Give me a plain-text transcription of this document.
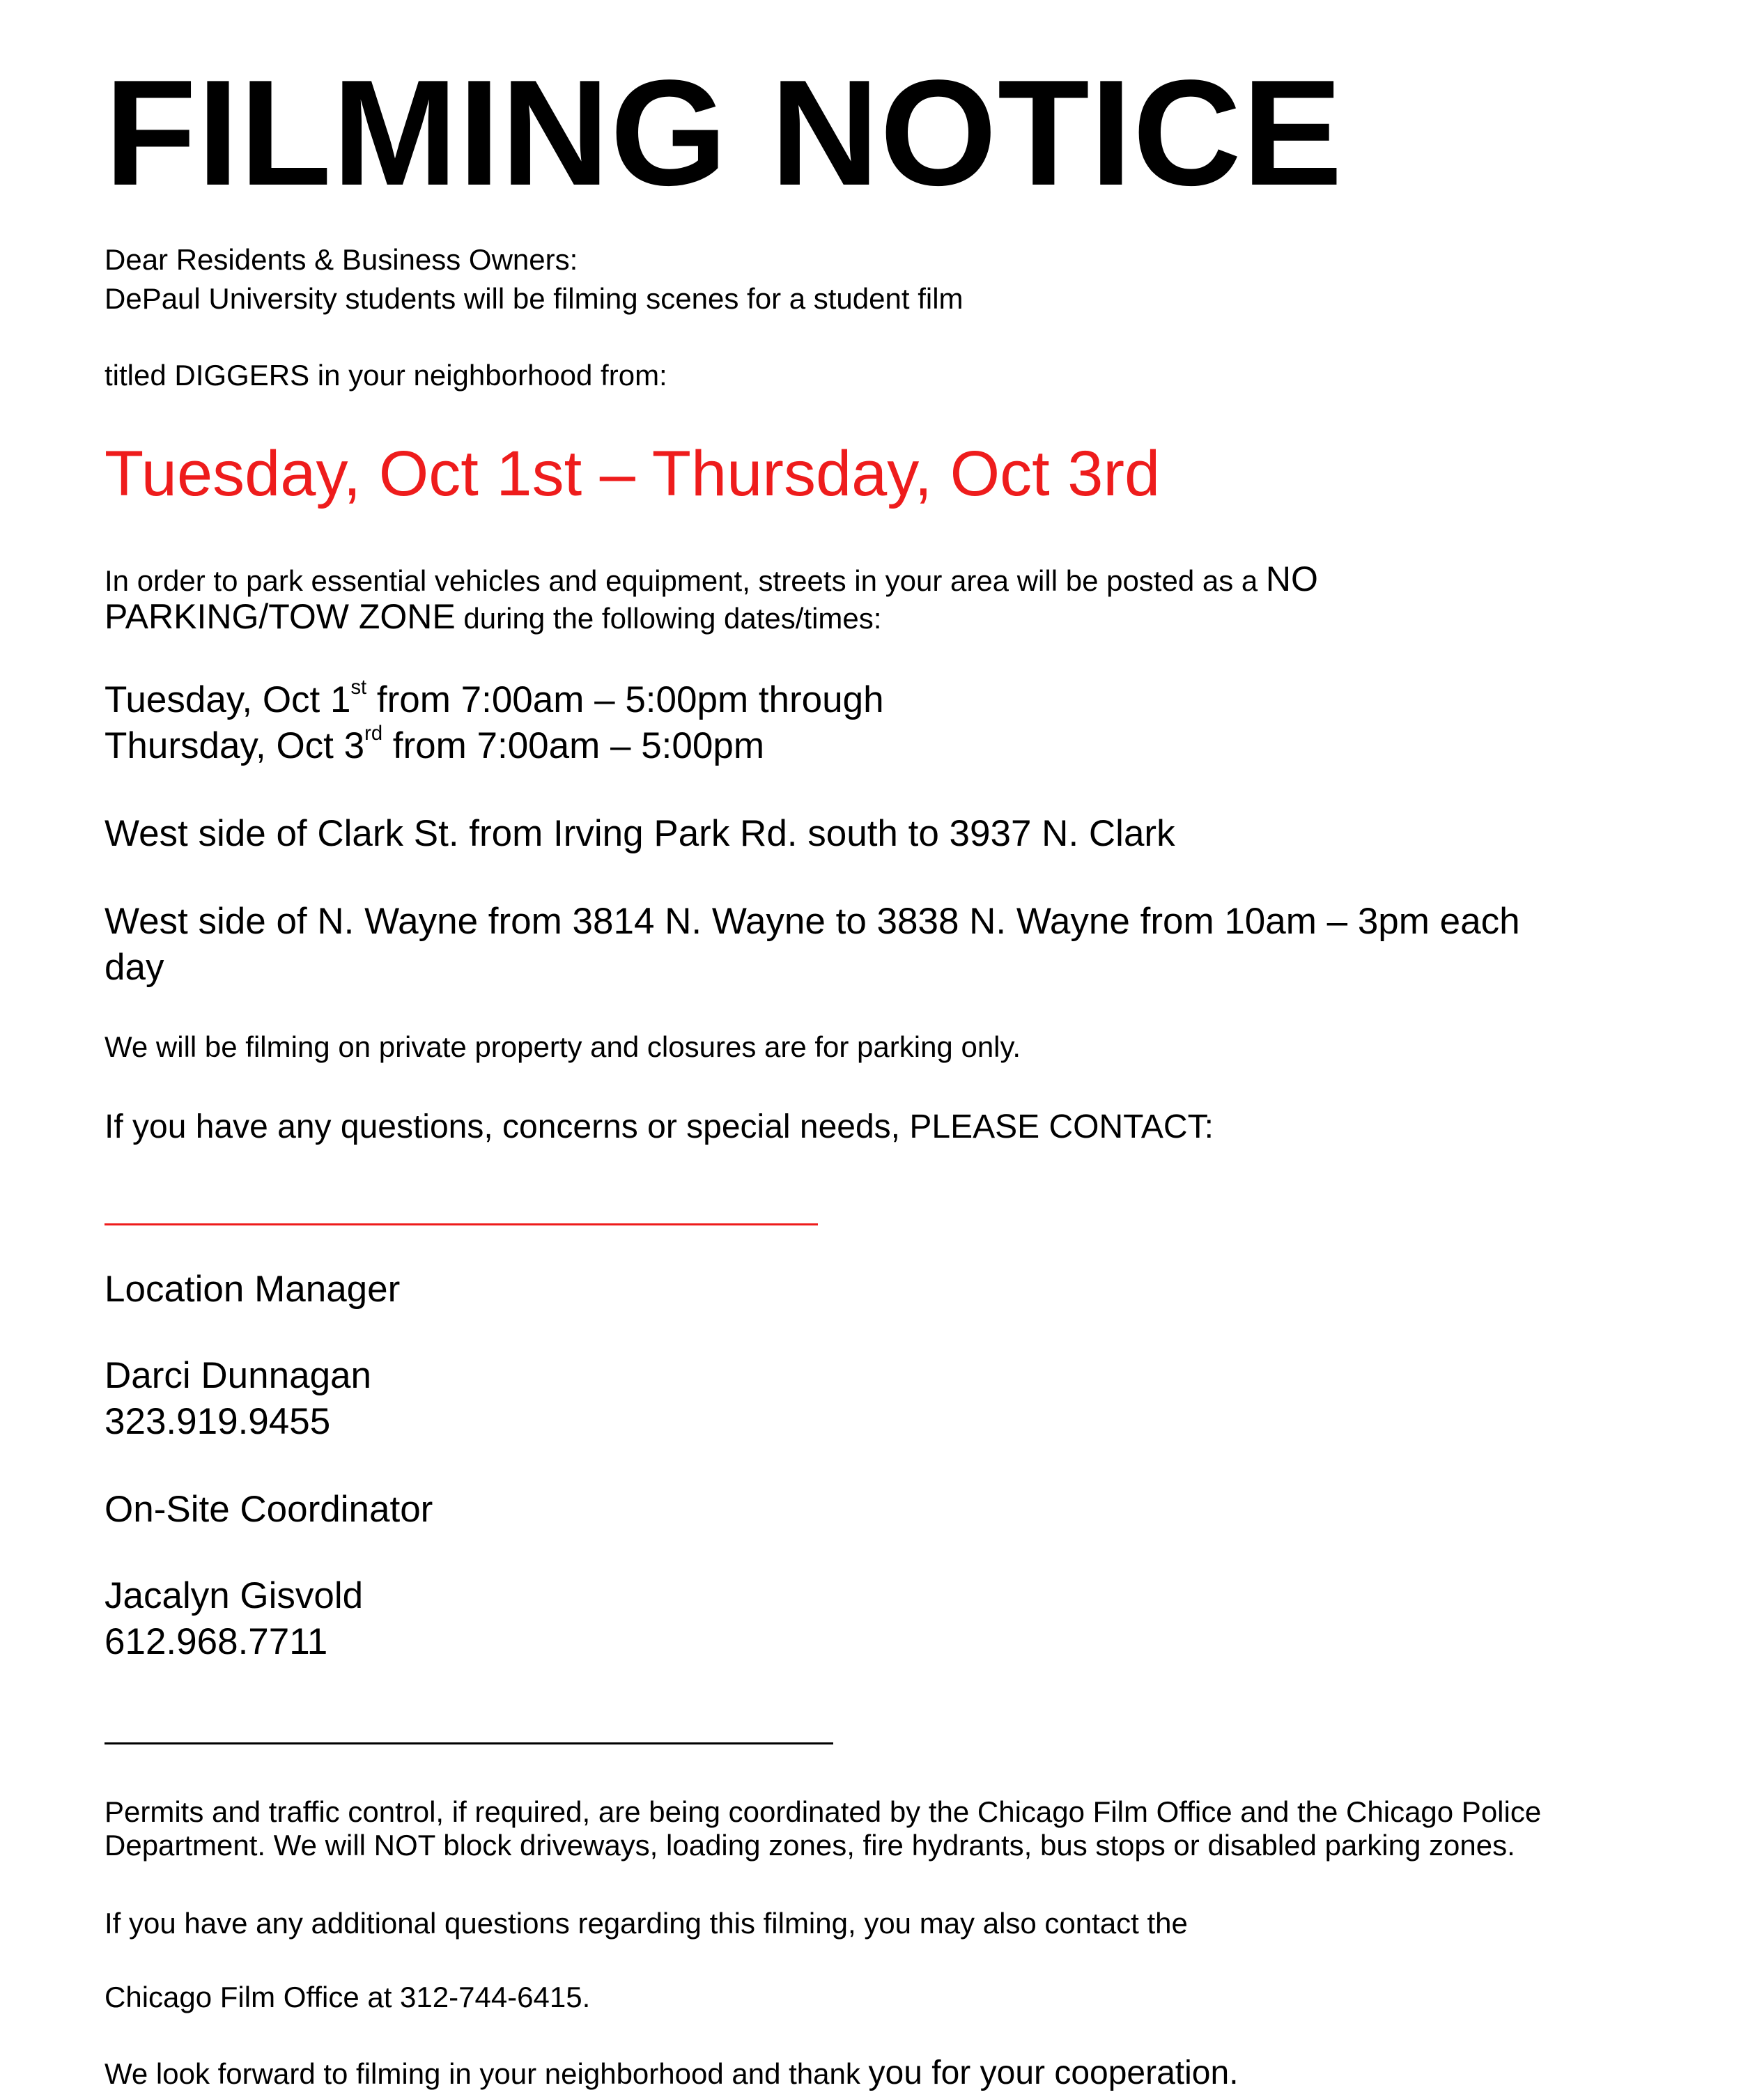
FILMING NOTICE

Dear Residents & Business Owners:

DePaul University students will be filming scenes for a student film

titled DIGGERS in your neighborhood from:

Tuesday, Oct 1st – Thursday, Oct 3rd

In order to park essential vehicles and equipment, streets in your area will be posted as a NO

PARKING/TOW ZONE during the following dates/times:

Tuesday, Oct 1st from 7:00am – 5:00pm through

Thursday, Oct 3rd from 7:00am – 5:00pm

West side of Clark St. from Irving Park Rd. south to 3937 N. Clark

West side of N. Wayne from 3814 N. Wayne to 3838 N. Wayne from 10am – 3pm each

day

We will be filming on private property and closures are for parking only.

If you have any questions, concerns or special needs, PLEASE CONTACT:

Location Manager

Darci Dunnagan

323.919.9455

On-Site Coordinator

Jacalyn Gisvold

612.968.7711

Permits and traffic control, if required, are being coordinated by the Chicago Film Office and the Chicago Police

Department. We will NOT block driveways, loading zones, fire hydrants, bus stops or disabled parking zones.

If you have any additional questions regarding this filming, you may also contact the

Chicago Film Office at 312-744-6415.

We look forward to filming in your neighborhood and thank you for your cooperation.
